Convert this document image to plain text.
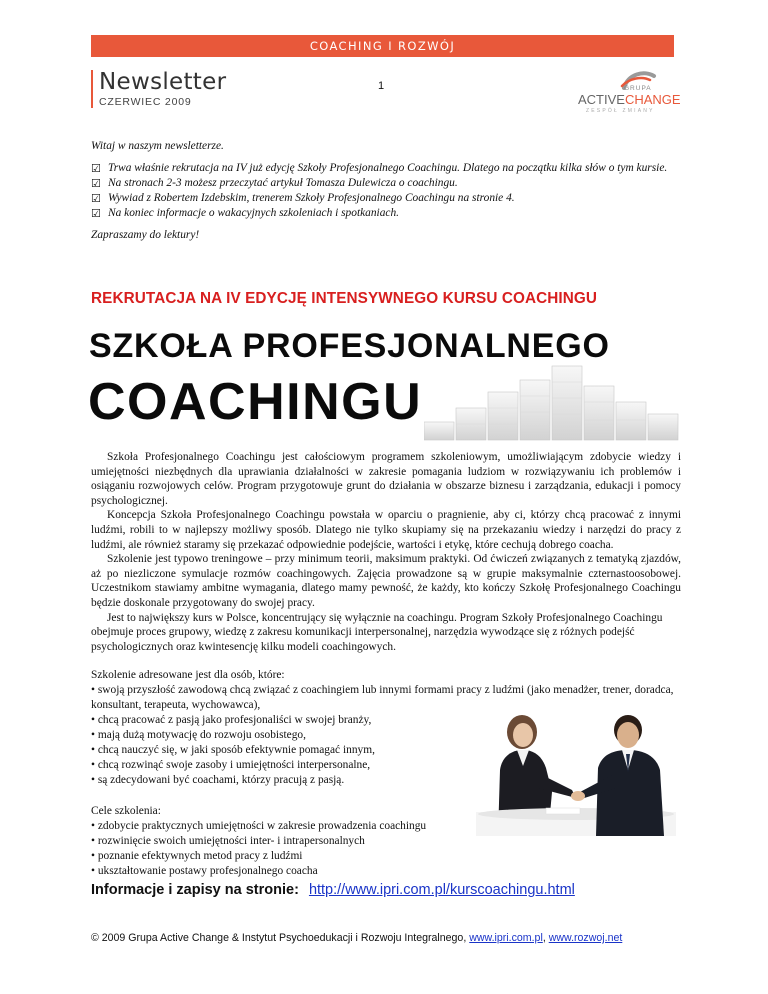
COACHING I ROZWÓJ
Newsletter
CZERWIEC 2009
1	GRUPA
ACTIVECHANGE
ZESPÓŁ ZMIANY

Witaj w naszym newsletterze.

☑ Trwa właśnie rekrutacja na IV już edycję Szkoły Profesjonalnego Coachingu. Dlatego na początku kilka słów o tym kursie.
☑ Na stronach 2-3 możesz przeczytać artykuł Tomasza Dulewicza o coachingu.
☑ Wywiad z Robertem Izdebskim, trenerem Szkoły Profesjonalnego Coachingu na stronie 4.
☑ Na koniec informacje o wakacyjnych szkoleniach i spotkaniach.

Zapraszamy do lektury!

REKRUTACJA NA IV EDYCJĘ INTENSYWNEGO KURSU COACHINGU
SZKOŁA PROFESJONALNEGO
COACHINGU

Szkoła Profesjonalnego Coachingu jest całościowym programem szkoleniowym, umożliwiającym zdobycie wiedzy i umiejętności niezbędnych dla uprawiania działalności w zakresie pomagania ludziom w rozwiązywaniu ich problemów i osiąganiu rozwojowych celów. Program przygotowuje grunt do działania w obszarze biznesu i zarządzania, edukacji i pomocy psychologicznej.

Koncepcja Szkoła Profesjonalnego Coachingu powstała w oparciu o pragnienie, aby ci, którzy chcą pracować z innymi ludźmi, robili to w najlepszy możliwy sposób. Dlatego nie tylko skupiamy się na przekazaniu wiedzy i narzędzi do pracy z ludźmi, ale również staramy się przekazać odpowiednie podejście, wartości i etykę, które cechują dobrego coacha.

Szkolenie jest typowo treningowe – przy minimum teorii, maksimum praktyki. Od ćwiczeń związanych z tematyką zjazdów, aż po niezliczone symulacje rozmów coachingowych. Zajęcia prowadzone są w grupie maksymalnie czternastoosobowej. Uczestnikom stawiamy ambitne wymagania, dlatego mamy pewność, że każdy, kto kończy Szkołę Profesjonalnego Coachingu będzie doskonale przygotowany do swojej pracy.

Jest to największy kurs w Polsce, koncentrujący się wyłącznie na coachingu. Program Szkoły Profesjonalnego Coachingu obejmuje proces grupowy, wiedzę z zakresu komunikacji interpersonalnej, narzędzia wywodzące się z różnych podejść psychologicznych oraz kwintesencję kilku modeli coachingowych.

Szkolenie adresowane jest dla osób, które:

• swoją przyszłość zawodową chcą związać z coachingiem lub innymi formami pracy z ludźmi (jako menadżer, trener, doradca, konsultant, terapeuta, wychowawca),

• chcą pracować z pasją jako profesjonaliści w swojej branży,

• mają dużą motywację do rozwoju osobistego,

• chcą nauczyć się, w jaki sposób efektywnie pomagać innym,

• chcą rozwinąć swoje zasoby i umiejętności interpersonalne,

• są zdecydowani być coachami, którzy pracują z pasją.

Cele szkolenia:

• zdobycie praktycznych umiejętności w zakresie prowadzenia coachingu

• rozwinięcie swoich umiejętności inter- i intrapersonalnych

• poznanie efektywnych metod pracy z ludźmi

• ukształtowanie postawy profesjonalnego coacha

Informacje i zapisy na stronie: http://www.ipri.com.pl/kurscoachingu.html
© 2009 Grupa Active Change & Instytut Psychoedukacji i Rozwoju Integralnego, www.ipri.com.pl, www.rozwoj.net
